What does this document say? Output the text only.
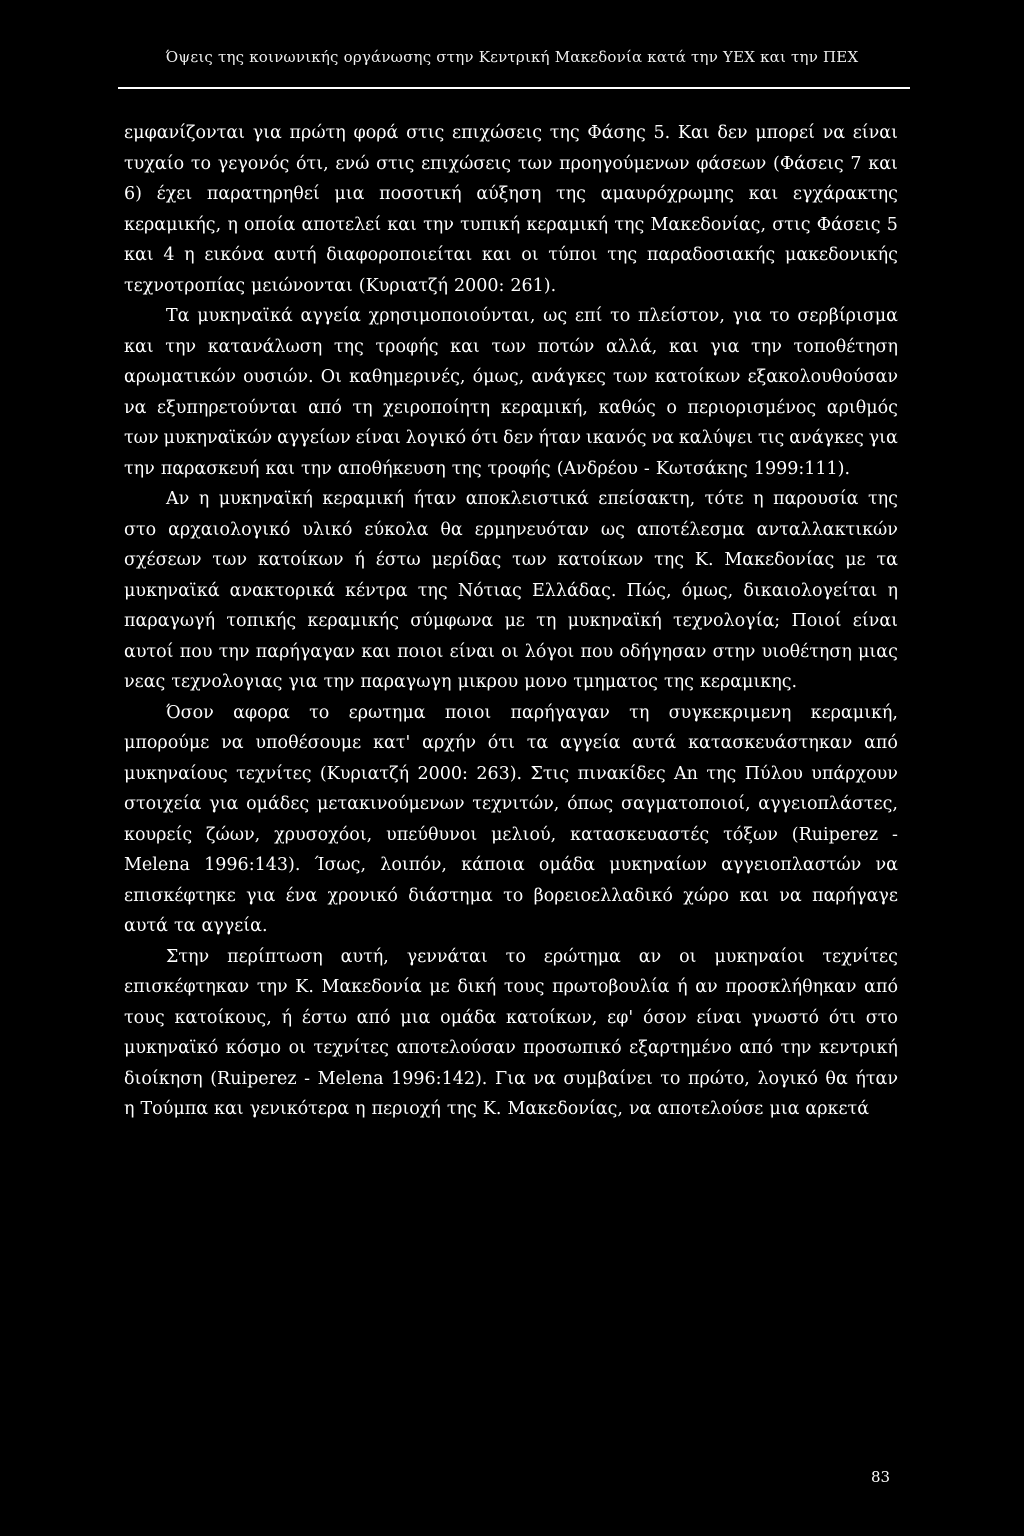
Όψεις της κοινωνικής οργάνωσης στην Κεντρική Μακεδονία κατά την ΥΕΧ και την ΠΕΧ
εμφανίζονται για πρώτη φορά στις επιχώσεις της Φάσης 5. Και δεν μπορεί να είναι
τυχαίο το γεγονός ότι, ενώ στις επιχώσεις των προηγούμενων φάσεων (Φάσεις 7 και
6) έχει παρατηρηθεί μια ποσοτική αύξηση της αμαυρόχρωμης και εγχάρακτης
κεραμικής, η οποία αποτελεί και την τυπική κεραμική της Μακεδονίας, στις Φάσεις 5
και 4 η εικόνα αυτή διαφοροποιείται και οι τύποι της παραδοσιακής μακεδονικής
τεχνοτροπίας μειώνονται (Κυριατζή 2000: 261).
Τα μυκηναϊκά αγγεία χρησιμοποιούνται, ως επί το πλείστον, για το σερβίρισμα
και την κατανάλωση της τροφής και των ποτών αλλά, και για την τοποθέτηση
αρωματικών ουσιών. Οι καθημερινές, όμως, ανάγκες των κατοίκων εξακολουθούσαν
να εξυπηρετούνται από τη χειροποίητη κεραμική, καθώς ο περιορισμένος αριθμός
των μυκηναϊκών αγγείων είναι λογικό ότι δεν ήταν ικανός να καλύψει τις ανάγκες για
την παρασκευή και την αποθήκευση της τροφής (Ανδρέου - Κωτσάκης 1999:111).
Αν η μυκηναϊκή κεραμική ήταν αποκλειστικά επείσακτη, τότε η παρουσία της
στο αρχαιολογικό υλικό εύκολα θα ερμηνευόταν ως αποτέλεσμα ανταλλακτικών
σχέσεων των κατοίκων ή έστω μερίδας των κατοίκων της Κ. Μακεδονίας με τα
μυκηναϊκά ανακτορικά κέντρα της Νότιας Ελλάδας. Πώς, όμως, δικαιολογείται η
παραγωγή τοπικής κεραμικής σύμφωνα με τη μυκηναϊκή τεχνολογία; Ποιοί είναι
αυτοί που την παρήγαγαν και ποιοι είναι οι λόγοι που οδήγησαν στην υιοθέτηση μιας
νεας τεχνολογιας για την παραγωγη μικρου μονο τμηματος της κεραμικης.
Όσον αφορα το ερωτημα ποιοι παρήγαγαν τη συγκεκριμενη κεραμική,
μπορούμε να υποθέσουμε κατ' αρχήν ότι τα αγγεία αυτά κατασκευάστηκαν από
μυκηναίους τεχνίτες (Κυριατζή 2000: 263). Στις πινακίδες Αn της Πύλου υπάρχουν
στοιχεία για ομάδες μετακινούμενων τεχνιτών, όπως σαγματοποιοί, αγγειοπλάστες,
κουρείς ζώων, χρυσοχόοι, υπεύθυνοι μελιού, κατασκευαστές τόξων (Ruiperez -
Melena 1996:143). Ίσως, λοιπόν, κάποια ομάδα μυκηναίων αγγειοπλαστών να
επισκέφτηκε για ένα χρονικό διάστημα το βορειοελλαδικό χώρο και να παρήγαγε
αυτά τα αγγεία.
Στην περίπτωση αυτή, γεννάται το ερώτημα αν οι μυκηναίοι τεχνίτες
επισκέφτηκαν την Κ. Μακεδονία με δική τους πρωτοβουλία ή αν προσκλήθηκαν από
τους κατοίκους, ή έστω από μια ομάδα κατοίκων, εφ' όσον είναι γνωστό ότι στο
μυκηναϊκό κόσμο οι τεχνίτες αποτελούσαν προσωπικό εξαρτημένο από την κεντρική
διοίκηση (Ruiperez - Melena 1996:142). Για να συμβαίνει το πρώτο, λογικό θα ήταν
η Τούμπα και γενικότερα η περιοχή της Κ. Μακεδονίας, να αποτελούσε μια αρκετά
83
